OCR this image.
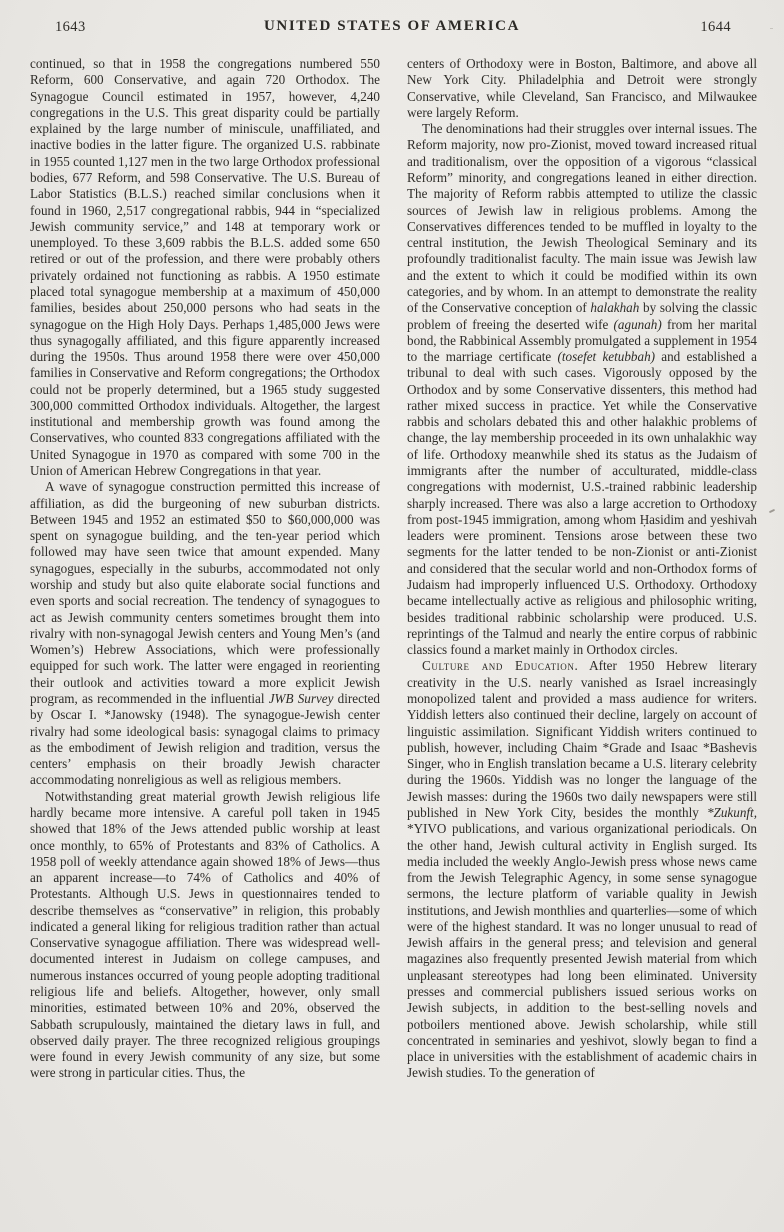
1643	UNITED STATES OF AMERICA	1644

continued, so that in 1958 the congregations numbered 550 Reform, 600 Conservative, and again 720 Orthodox. The Synagogue Council estimated in 1957, however, 4,240 congregations in the U.S. This great disparity could be partially explained by the large number of miniscule, unaffiliated, and inactive bodies in the latter figure. The organized U.S. rabbinate in 1955 counted 1,127 men in the two large Orthodox professional bodies, 677 Reform, and 598 Conservative. The U.S. Bureau of Labor Statistics (B.L.S.) reached similar conclusions when it found in 1960, 2,517 congregational rabbis, 944 in “specialized Jewish community service,” and 148 at temporary work or unemployed. To these 3,609 rabbis the B.L.S. added some 650 retired or out of the profession, and there were probably others privately ordained not functioning as rabbis. A 1950 estimate placed total synagogue membership at a maximum of 450,000 families, besides about 250,000 persons who had seats in the synagogue on the High Holy Days. Perhaps 1,485,000 Jews were thus synagogally affiliated, and this figure apparently increased during the 1950s. Thus around 1958 there were over 450,000 families in Conservative and Reform congregations; the Orthodox could not be properly determined, but a 1965 study suggested 300,000 committed Orthodox individuals. Altogether, the largest institutional and membership growth was found among the Conservatives, who counted 833 congregations affiliated with the United Synagogue in 1970 as compared with some 700 in the Union of American Hebrew Congregations in that year.

A wave of synagogue construction permitted this increase of affiliation, as did the burgeoning of new suburban districts. Between 1945 and 1952 an estimated $50 to $60,000,000 was spent on synagogue building, and the ten-year period which followed may have seen twice that amount expended. Many synagogues, especially in the suburbs, accommodated not only worship and study but also quite elaborate social functions and even sports and social recreation. The tendency of synagogues to act as Jewish community centers sometimes brought them into rivalry with non-synagogal Jewish centers and Young Men’s (and Women’s) Hebrew Associations, which were professionally equipped for such work. The latter were engaged in reorienting their outlook and activities toward a more explicit Jewish program, as recommended in the influential JWB Survey directed by Oscar I. *Janowsky (1948). The synagogue-Jewish center rivalry had some ideological basis: synagogal claims to primacy as the embodiment of Jewish religion and tradition, versus the centers’ emphasis on their broadly Jewish character accommodating nonreligious as well as religious members.

Notwithstanding great material growth Jewish religious life hardly became more intensive. A careful poll taken in 1945 showed that 18% of the Jews attended public worship at least once monthly, to 65% of Protestants and 83% of Catholics. A 1958 poll of weekly attendance again showed 18% of Jews—thus an apparent increase—to 74% of Catholics and 40% of Protestants. Although U.S. Jews in questionnaires tended to describe themselves as “conservative” in religion, this probably indicated a general liking for religious tradition rather than actual Conservative synagogue affiliation. There was widespread well-documented interest in Judaism on college campuses, and numerous instances occurred of young people adopting traditional religious life and beliefs. Altogether, however, only small minorities, estimated between 10% and 20%, observed the Sabbath scrupulously, maintained the dietary laws in full, and observed daily prayer. The three recognized religious groupings were found in every Jewish community of any size, but some were strong in particular cities. Thus, the

centers of Orthodoxy were in Boston, Baltimore, and above all New York City. Philadelphia and Detroit were strongly Conservative, while Cleveland, San Francisco, and Milwaukee were largely Reform.

The denominations had their struggles over internal issues. The Reform majority, now pro-Zionist, moved toward increased ritual and traditionalism, over the opposition of a vigorous “classical Reform” minority, and congregations leaned in either direction. The majority of Reform rabbis attempted to utilize the classic sources of Jewish law in religious problems. Among the Conservatives differences tended to be muffled in loyalty to the central institution, the Jewish Theological Seminary and its profoundly traditionalist faculty. The main issue was Jewish law and the extent to which it could be modified within its own categories, and by whom. In an attempt to demonstrate the reality of the Conservative conception of halakhah by solving the classic problem of freeing the deserted wife (agunah) from her marital bond, the Rabbinical Assembly promulgated a supplement in 1954 to the marriage certificate (tosefet ketubbah) and established a tribunal to deal with such cases. Vigorously opposed by the Orthodox and by some Conservative dissenters, this method had rather mixed success in practice. Yet while the Conservative rabbis and scholars debated this and other halakhic problems of change, the lay membership proceeded in its own unhalakhic way of life. Orthodoxy meanwhile shed its status as the Judaism of immigrants after the number of acculturated, middle-class congregations with modernist, U.S.-trained rabbinic leadership sharply increased. There was also a large accretion to Orthodoxy from post-1945 immigration, among whom Ḥasidim and yeshivah leaders were prominent. Tensions arose between these two segments for the latter tended to be non-Zionist or anti-Zionist and considered that the secular world and non-Orthodox forms of Judaism had improperly influenced U.S. Orthodoxy. Orthodoxy became intellectually active as religious and philosophic writing, besides traditional rabbinic scholarship were produced. U.S. reprintings of the Talmud and nearly the entire corpus of rabbinic classics found a market mainly in Orthodox circles.

Culture and Education. After 1950 Hebrew literary creativity in the U.S. nearly vanished as Israel increasingly monopolized talent and provided a mass audience for writers. Yiddish letters also continued their decline, largely on account of linguistic assimilation. Significant Yiddish writers continued to publish, however, including Chaim *Grade and Isaac *Bashevis Singer, who in English translation became a U.S. literary celebrity during the 1960s. Yiddish was no longer the language of the Jewish masses: during the 1960s two daily newspapers were still published in New York City, besides the monthly *Zukunft, *YIVO publications, and various organizational periodicals. On the other hand, Jewish cultural activity in English surged. Its media included the weekly Anglo-Jewish press whose news came from the Jewish Telegraphic Agency, in some sense synagogue sermons, the lecture platform of variable quality in Jewish institutions, and Jewish monthlies and quarterlies—some of which were of the highest standard. It was no longer unusual to read of Jewish affairs in the general press; and television and general magazines also frequently presented Jewish material from which unpleasant stereotypes had long been eliminated. University presses and commercial publishers issued serious works on Jewish subjects, in addition to the best-selling novels and potboilers mentioned above. Jewish scholarship, while still concentrated in seminaries and yeshivot, slowly began to find a place in universities with the establishment of academic chairs in Jewish studies. To the generation of
